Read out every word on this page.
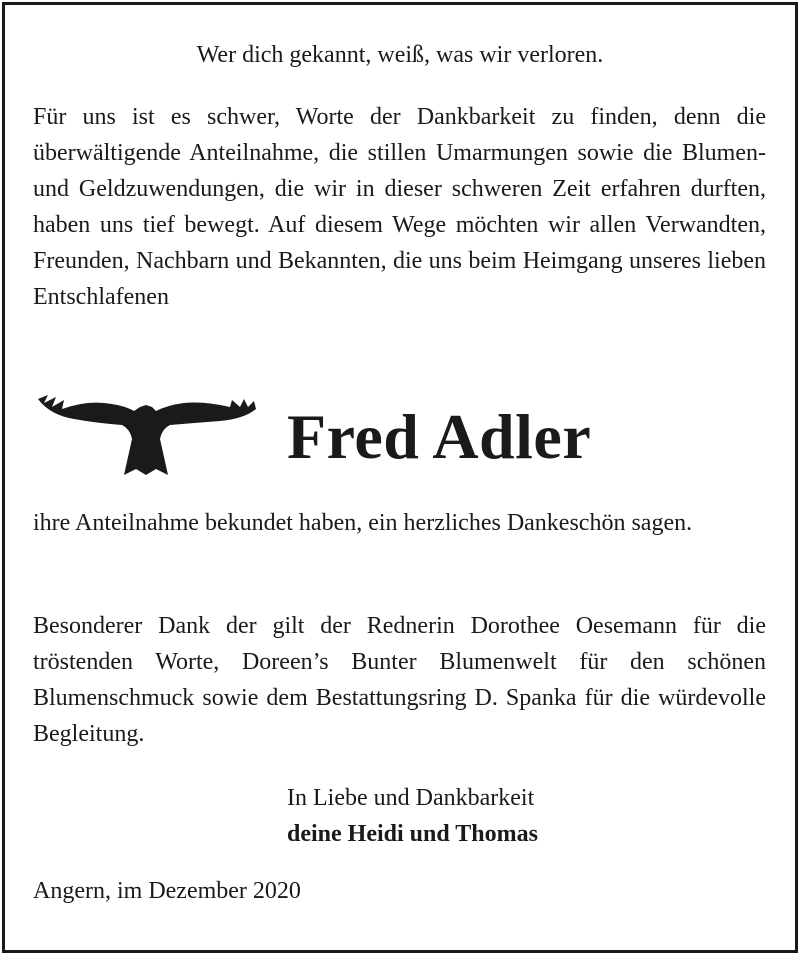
Wer dich gekannt, weiß, was wir verloren.
Für uns ist es schwer, Worte der Dankbarkeit zu finden, denn die überwältigende Anteilnahme, die stillen Umarmungen sowie die Blumen- und Geldzuwendungen, die wir in dieser schweren Zeit erfahren durften, haben uns tief bewegt. Auf diesem Wege möchten wir allen Verwandten, Freunden, Nachbarn und Bekannten, die uns beim Heimgang unseres lieben Entschlafenen
Fred Adler
ihre Anteilnahme bekundet haben, ein herzliches Dankeschön sagen.
Besonderer Dank der gilt der Rednerin Dorothee Oesemann für die tröstenden Worte, Doreen’s Bunter Blumenwelt für den schönen Blumenschmuck sowie dem Bestattungsring D. Spanka für die würdevolle Begleitung.
In Liebe und Dankbarkeit
deine Heidi und Thomas
Angern, im Dezember 2020
